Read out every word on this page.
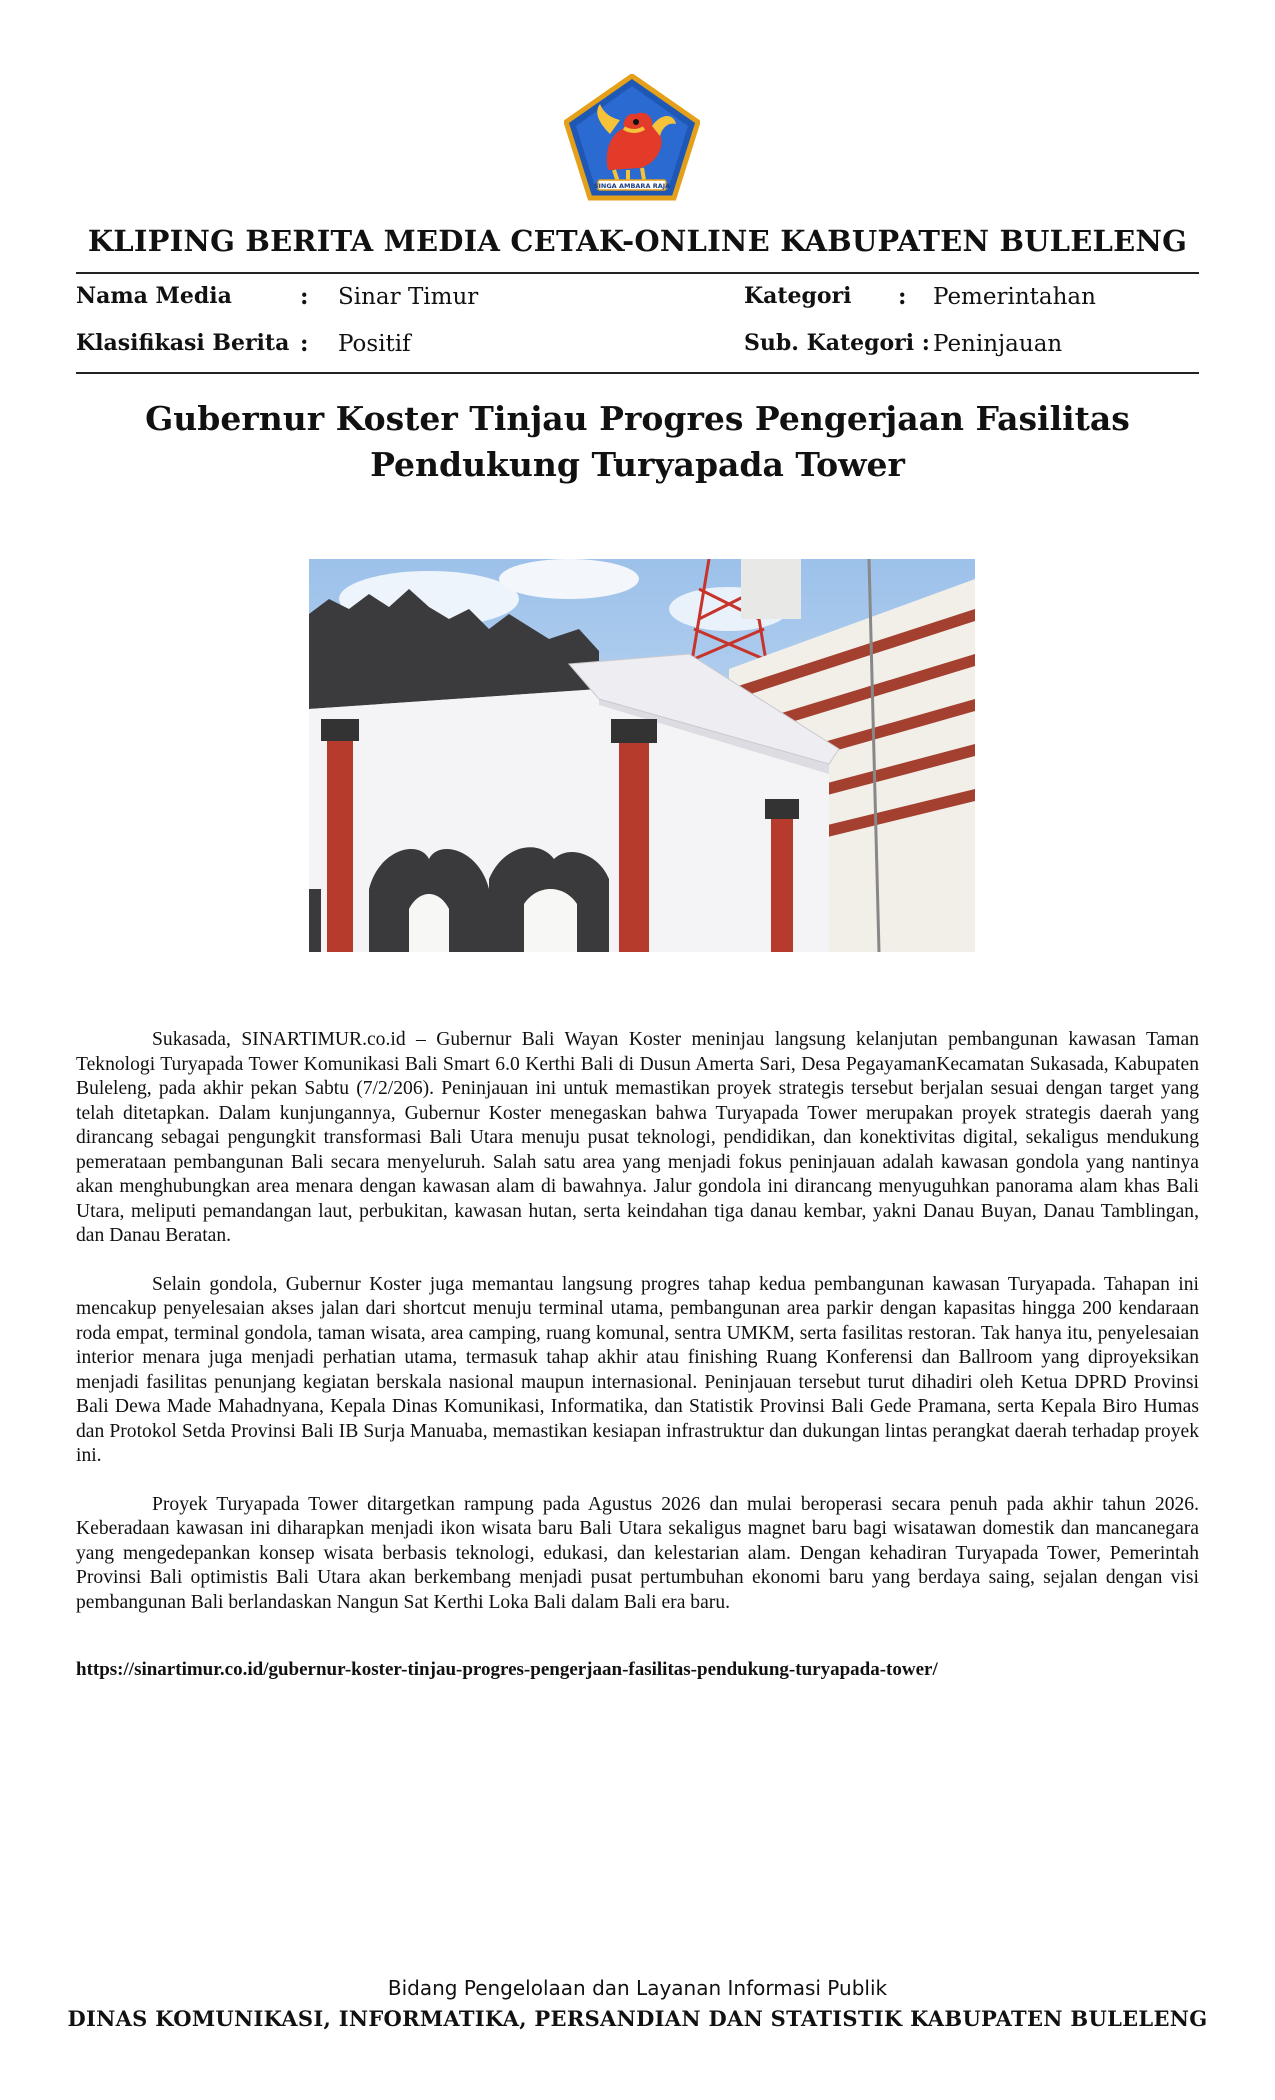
SINGA AMBARA RAJA
KLIPING BERITA MEDIA CETAK-ONLINE KABUPATEN BULELENG
Nama Media	: Sinar Timur	Kategori : Pemerintahan
Klasifikasi Berita : Positif	Sub. Kategori : Peninjauan
Gubernur Koster Tinjau Progres Pengerjaan Fasilitas Pendukung Turyapada Tower

Sukasada, SINARTIMUR.co.id – Gubernur Bali Wayan Koster meninjau langsung kelanjutan pembangunan kawasan Taman Teknologi Turyapada Tower Komunikasi Bali Smart 6.0 Kerthi Bali di Dusun Amerta Sari, Desa PegayamanKecamatan Sukasada, Kabupaten Buleleng, pada akhir pekan Sabtu (7/2/206). Peninjauan ini untuk memastikan proyek strategis tersebut berjalan sesuai dengan target yang telah ditetapkan. Dalam kunjungannya, Gubernur Koster menegaskan bahwa Turyapada Tower merupakan proyek strategis daerah yang dirancang sebagai pengungkit transformasi Bali Utara menuju pusat teknologi, pendidikan, dan konektivitas digital, sekaligus mendukung pemerataan pembangunan Bali secara menyeluruh. Salah satu area yang menjadi fokus peninjauan adalah kawasan gondola yang nantinya akan menghubungkan area menara dengan kawasan alam di bawahnya. Jalur gondola ini dirancang menyuguhkan panorama alam khas Bali Utara, meliputi pemandangan laut, perbukitan, kawasan hutan, serta keindahan tiga danau kembar, yakni Danau Buyan, Danau Tamblingan, dan Danau Beratan.

Selain gondola, Gubernur Koster juga memantau langsung progres tahap kedua pembangunan kawasan Turyapada. Tahapan ini mencakup penyelesaian akses jalan dari shortcut menuju terminal utama, pembangunan area parkir dengan kapasitas hingga 200 kendaraan roda empat, terminal gondola, taman wisata, area camping, ruang komunal, sentra UMKM, serta fasilitas restoran. Tak hanya itu, penyelesaian interior menara juga menjadi perhatian utama, termasuk tahap akhir atau finishing Ruang Konferensi dan Ballroom yang diproyeksikan menjadi fasilitas penunjang kegiatan berskala nasional maupun internasional. Peninjauan tersebut turut dihadiri oleh Ketua DPRD Provinsi Bali Dewa Made Mahadnyana, Kepala Dinas Komunikasi, Informatika, dan Statistik Provinsi Bali Gede Pramana, serta Kepala Biro Humas dan Protokol Setda Provinsi Bali IB Surja Manuaba, memastikan kesiapan infrastruktur dan dukungan lintas perangkat daerah terhadap proyek ini.

Proyek Turyapada Tower ditargetkan rampung pada Agustus 2026 dan mulai beroperasi secara penuh pada akhir tahun 2026. Keberadaan kawasan ini diharapkan menjadi ikon wisata baru Bali Utara sekaligus magnet baru bagi wisatawan domestik dan mancanegara yang mengedepankan konsep wisata berbasis teknologi, edukasi, dan kelestarian alam. Dengan kehadiran Turyapada Tower, Pemerintah Provinsi Bali optimistis Bali Utara akan berkembang menjadi pusat pertumbuhan ekonomi baru yang berdaya saing, sejalan dengan visi pembangunan Bali berlandaskan Nangun Sat Kerthi Loka Bali dalam Bali era baru.

https://sinartimur.co.id/gubernur-koster-tinjau-progres-pengerjaan-fasilitas-pendukung-turyapada-tower/
Bidang Pengelolaan dan Layanan Informasi Publik
DINAS KOMUNIKASI, INFORMATIKA, PERSANDIAN DAN STATISTIK KABUPATEN BULELENG
